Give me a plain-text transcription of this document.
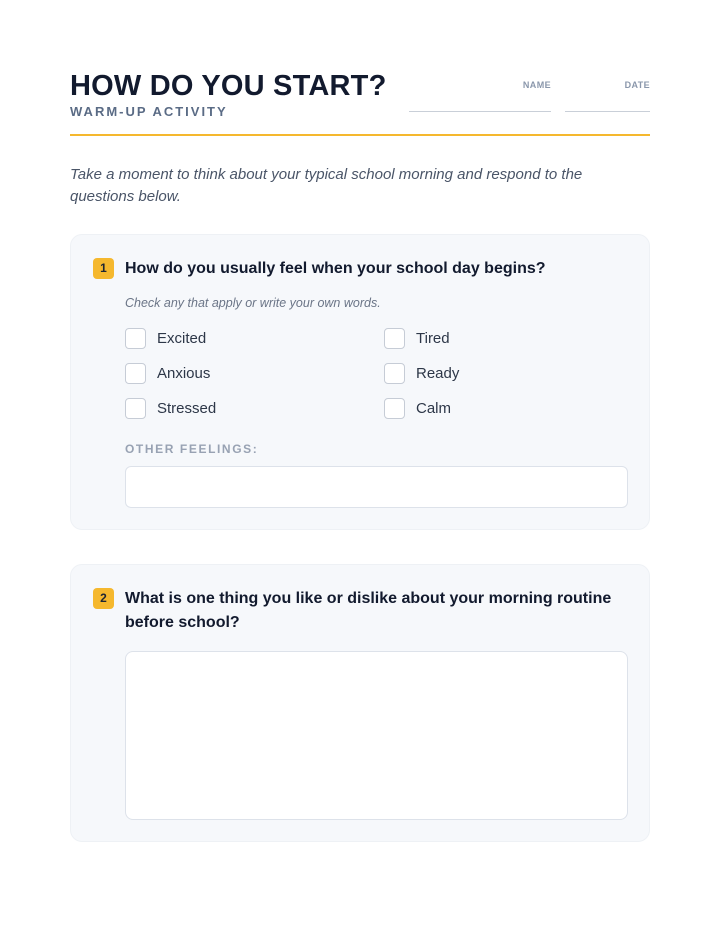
HOW DO YOU START?
WARM-UP ACTIVITY
NAME	DATE

Take a moment to think about your typical school morning and respond to the questions below.

1	How do you usually feel when your school day begins?
Check any that apply or write your own words.
Excited	Tired
Anxious	Ready
Stressed	Calm
OTHER FEELINGS:
2	What is one thing you like or dislike about your morning routine before school?
